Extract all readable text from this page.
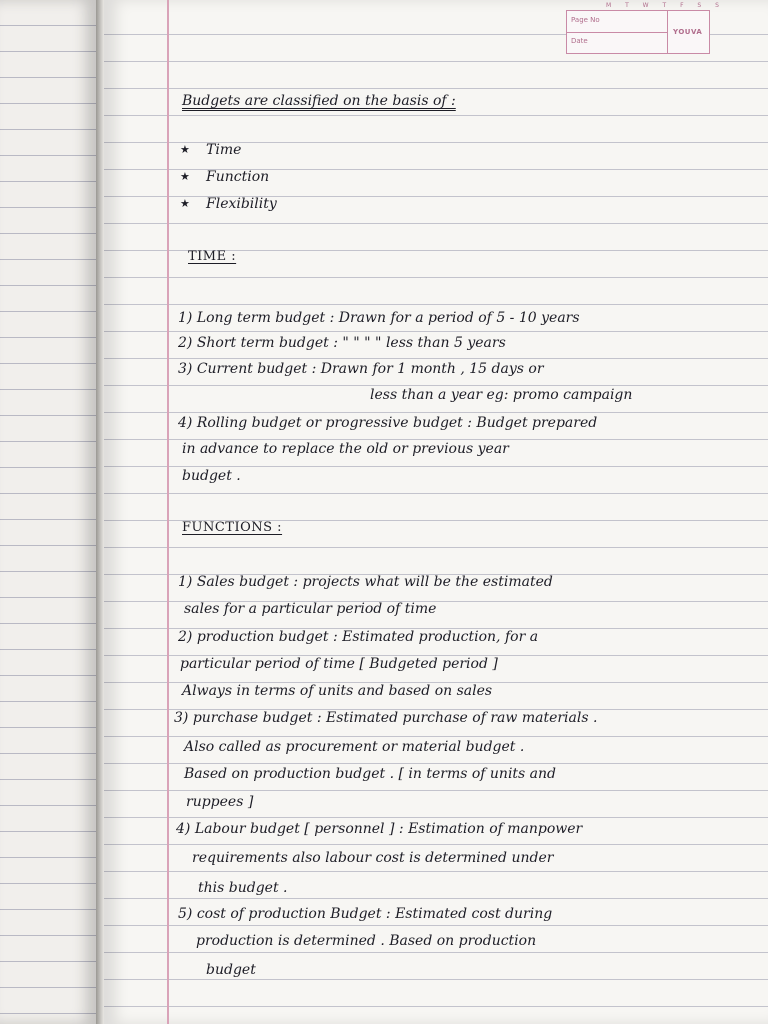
M T W T F S S
Page No
Date
YOUVA
Budgets are classified on the basis of :
★ Time
★ Function
★ Flexibility
TIME :
1) Long term budget : Drawn for a period of 5 - 10 years
2) Short term budget : " " " " less than 5 years
3) Current budget : Drawn for 1 month , 15 days or
less than a year eg: promo campaign
4) Rolling budget or progressive budget : Budget prepared
in advance to replace the old or previous year
budget .
FUNCTIONS :
1) Sales budget : projects what will be the estimated
sales for a particular period of time
2) production budget : Estimated production, for a
particular period of time [ Budgeted period ]
Always in terms of units and based on sales
3) purchase budget : Estimated purchase of raw materials .
Also called as procurement or material budget .
Based on production budget . [ in terms of units and
ruppees ]
4) Labour budget [ personnel ] : Estimation of manpower
requirements also labour cost is determined under
this budget .
5) cost of production Budget : Estimated cost during
production is determined . Based on production
budget
